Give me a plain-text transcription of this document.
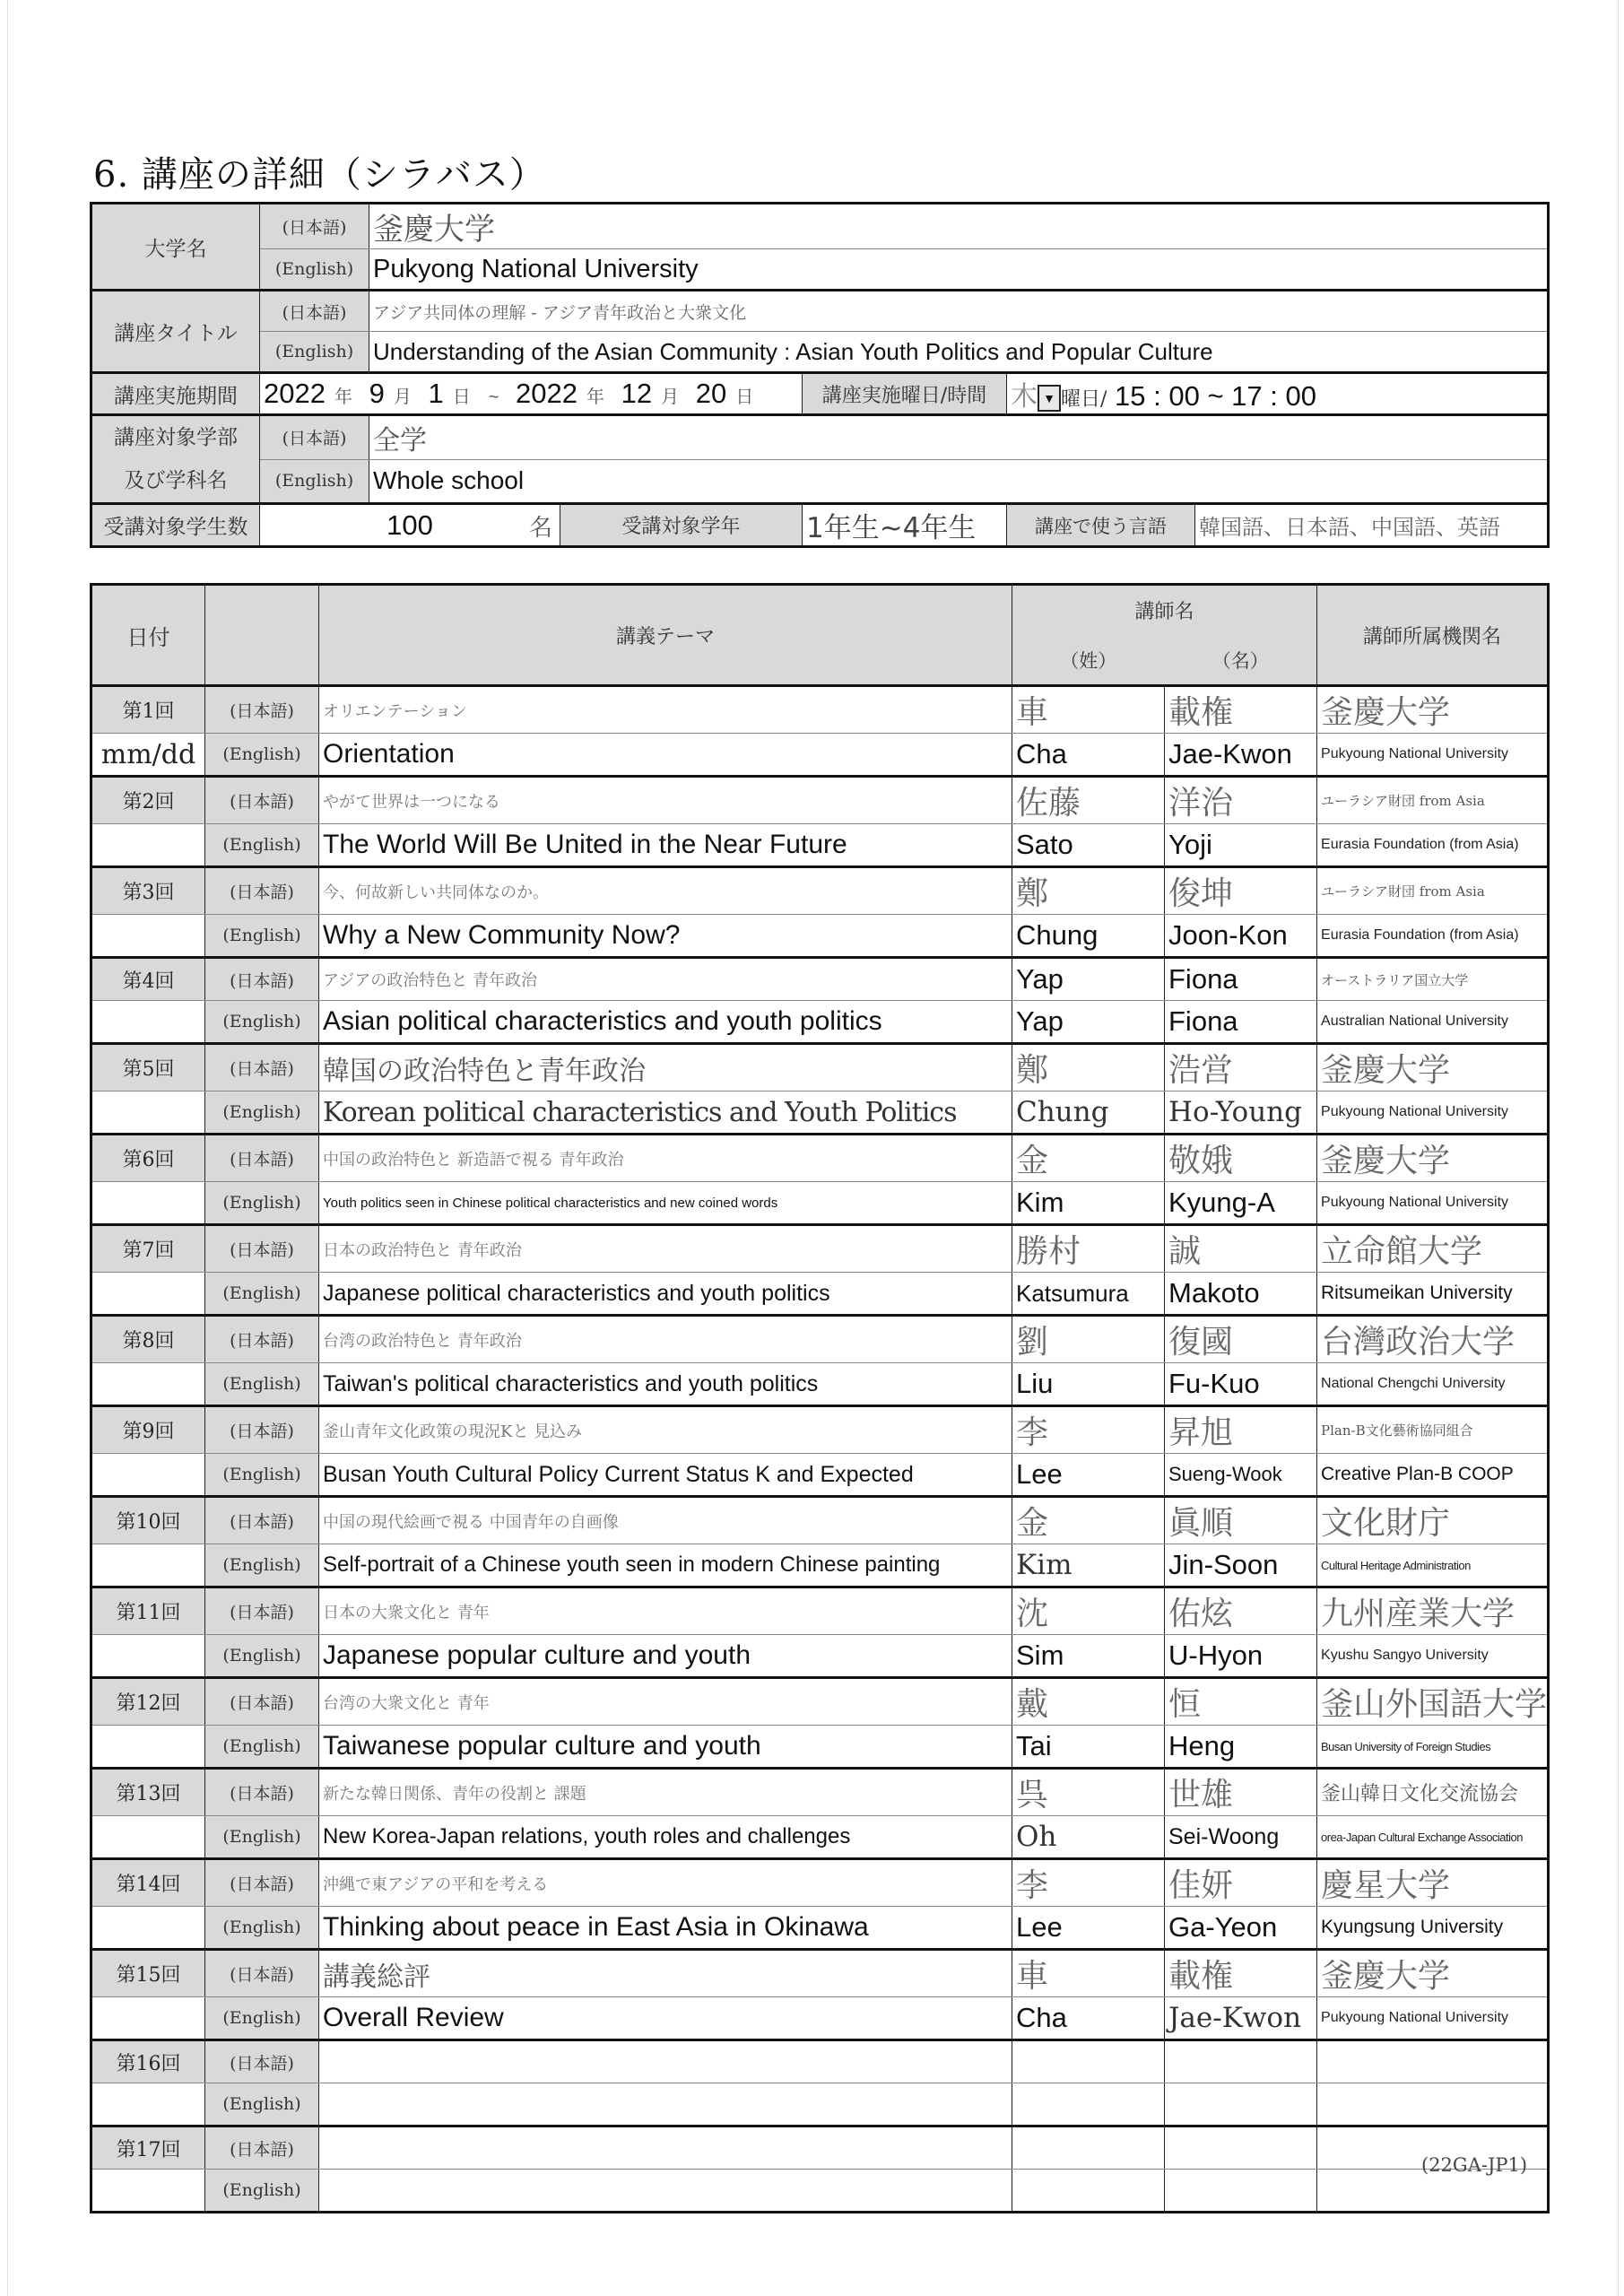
6. 講座の詳細（シラバス）
大学名	(日本語)	釜慶大学				
	(English)	Pukyong National University				
講座タイトル	(日本語)	アジア共同体の理解 - アジア青年政治と大衆文化				
	(English)	Understanding of the Asian Community : Asian Youth Politics and Popular Culture				
講座実施期間	2022 年 9 月 1 日 ~ 2022 年 12 月 20 日			講座実施曜日/時間	木 ▼ 曜日/ 15 : 00 ~ 17 : 00	

講座対象学部
及び学科名	(日本語)	全学				
	(English)	Whole school				
受講対象学生数	100 名		受講対象学年	1年生~4年生	講座で使う言語	韓国語、日本語、中国語、英語
日付		講義テーマ	講師名		講師所属機関名
			（姓）	（名）	
第1回	(日本語)	オリエンテーション	車	載権	釜慶大学
mm/dd	(English)	Orientation	Cha	Jae-Kwon	Pukyoung National University
第2回	(日本語)	やがて世界は一つになる	佐藤	洋治	ユーラシア財団 from Asia
	(English)	The World Will Be United in the Near Future	Sato	Yoji	Eurasia Foundation (from Asia)
第3回	(日本語)	今、何故新しい共同体なのか。	鄭	俊坤	ユーラシア財団 from Asia
	(English)	Why a New Community Now?	Chung	Joon-Kon	Eurasia Foundation (from Asia)
第4回	(日本語)	アジアの政治特色と 青年政治	Yap	Fiona	オーストラリア国立大学
	(English)	Asian political characteristics and youth politics	Yap	Fiona	Australian National University
第5回	(日本語)	韓国の政治特色と青年政治	鄭	浩営	釜慶大学
	(English)	Korean political characteristics and Youth Politics	Chung	Ho-Young	Pukyoung National University
第6回	(日本語)	中国の政治特色と 新造語で視る 青年政治	金	敬娥	釜慶大学
	(English)	Youth politics seen in Chinese political characteristics and new coined words	Kim	Kyung-A	Pukyoung National University
第7回	(日本語)	日本の政治特色と 青年政治	勝村	誠	立命館大学
	(English)	Japanese political characteristics and youth politics	Katsumura	Makoto	Ritsumeikan University
第8回	(日本語)	台湾の政治特色と 青年政治	劉	復國	台灣政治大学
	(English)	Taiwan's political characteristics and youth politics	Liu	Fu-Kuo	National Chengchi University
第9回	(日本語)	釜山青年文化政策の現況Kと 見込み	李	昇旭	Plan-B文化藝術協同組合
	(English)	Busan Youth Cultural Policy Current Status K and Expected	Lee	Sueng-Wook	Creative Plan-B COOP
第10回	(日本語)	中国の現代絵画で視る 中国青年の自画像	金	眞順	文化財庁
	(English)	Self-portrait of a Chinese youth seen in modern Chinese painting	Kim	Jin-Soon	Cultural Heritage Administration
第11回	(日本語)	日本の大衆文化と 青年	沈	佑炫	九州産業大学
	(English)	Japanese popular culture and youth	Sim	U-Hyon	Kyushu Sangyo University
第12回	(日本語)	台湾の大衆文化と 青年	戴	恒	釜山外国語大学
	(English)	Taiwanese popular culture and youth	Tai	Heng	Busan University of Foreign Studies
第13回	(日本語)	新たな韓日関係、青年の役割と 課題	呉	世雄	釜山韓日文化交流協会
	(English)	New Korea-Japan relations, youth roles and challenges	Oh	Sei-Woong	orea-Japan Cultural Exchange Association
第14回	(日本語)	沖縄で東アジアの平和を考える	李	佳妍	慶星大学
	(English)	Thinking about peace in East Asia in Okinawa	Lee	Ga-Yeon	Kyungsung University
第15回	(日本語)	講義総評	車	載権	釜慶大学
	(English)	Overall Review	Cha	Jae-Kwon	Pukyoung National University
第16回	(日本語)				
	(English)				
第17回	(日本語)				
	(English)				
(22GA-JP1)
